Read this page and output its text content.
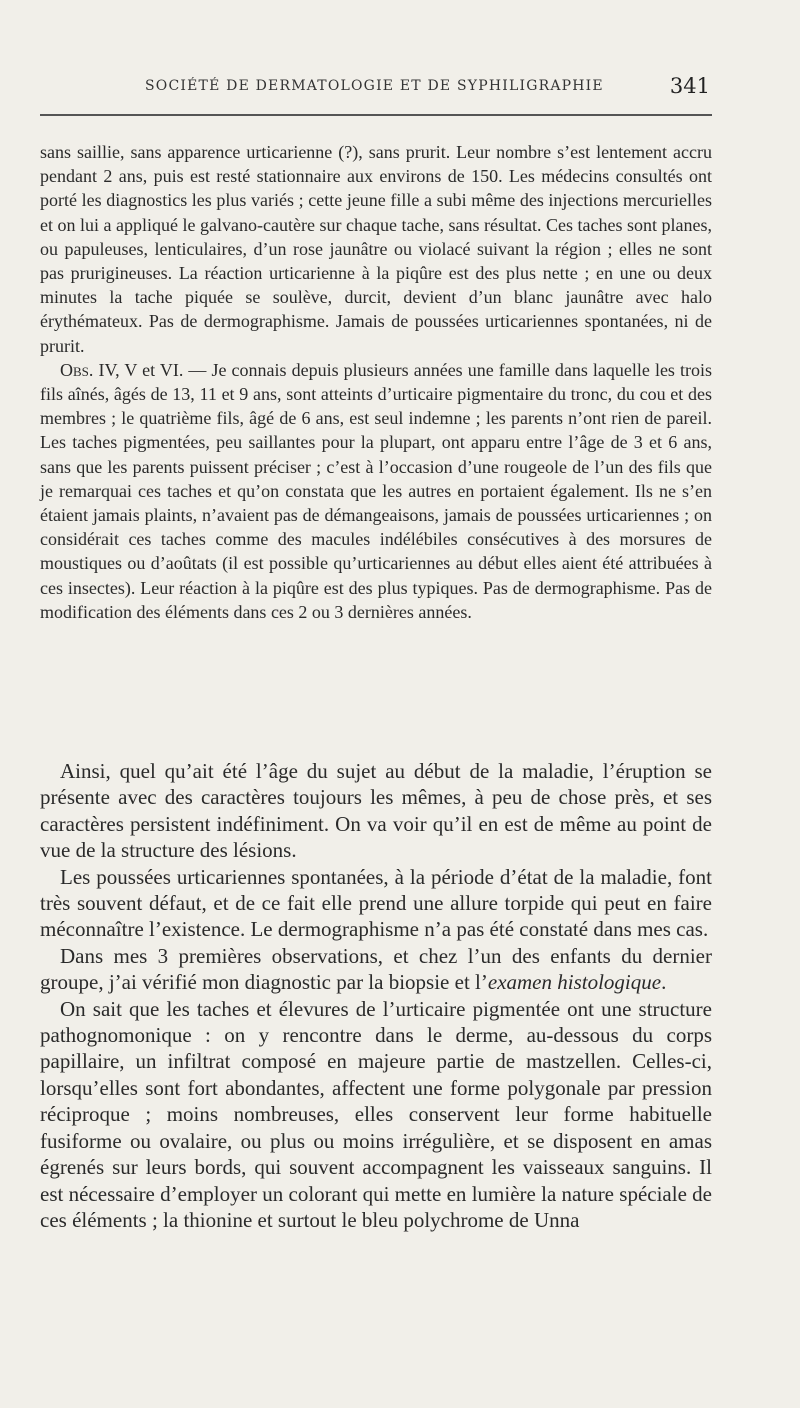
SOCIÉTÉ DE DERMATOLOGIE ET DE SYPHILIGRAPHIE	341

sans saillie, sans apparence urticarienne (?), sans prurit. Leur nombre s’est lentement accru pendant 2 ans, puis est resté stationnaire aux environs de 150. Les médecins consultés ont porté les diagnostics les plus variés ; cette jeune fille a subi même des injections mercurielles et on lui a appliqué le galvano-cautère sur chaque tache, sans résultat. Ces taches sont planes, ou papuleuses, lenticulaires, d’un rose jaunâtre ou violacé suivant la région ; elles ne sont pas prurigineuses. La réaction urticarienne à la piqûre est des plus nette ; en une ou deux minutes la tache piquée se soulève, durcit, devient d’un blanc jaunâtre avec halo érythémateux. Pas de dermographisme. Jamais de poussées urticariennes spontanées, ni de prurit.

Obs. IV, V et VI. — Je connais depuis plusieurs années une famille dans laquelle les trois fils aînés, âgés de 13, 11 et 9 ans, sont atteints d’urticaire pigmentaire du tronc, du cou et des membres ; le quatrième fils, âgé de 6 ans, est seul indemne ; les parents n’ont rien de pareil. Les taches pigmentées, peu saillantes pour la plupart, ont apparu entre l’âge de 3 et 6 ans, sans que les parents puissent préciser ; c’est à l’occasion d’une rougeole de l’un des fils que je remarquai ces taches et qu’on constata que les autres en portaient également. Ils ne s’en étaient jamais plaints, n’avaient pas de démangeaisons, jamais de poussées urticariennes ; on considérait ces taches comme des macules indélébiles consécutives à des morsures de moustiques ou d’aoûtats (il est possible qu’urticariennes au début elles aient été attribuées à ces insectes). Leur réaction à la piqûre est des plus typiques. Pas de dermographisme. Pas de modification des éléments dans ces 2 ou 3 dernières années.

Ainsi, quel qu’ait été l’âge du sujet au début de la maladie, l’éruption se présente avec des caractères toujours les mêmes, à peu de chose près, et ses caractères persistent indéfiniment. On va voir qu’il en est de même au point de vue de la structure des lésions.

Les poussées urticariennes spontanées, à la période d’état de la maladie, font très souvent défaut, et de ce fait elle prend une allure torpide qui peut en faire méconnaître l’existence. Le dermographisme n’a pas été constaté dans mes cas.

Dans mes 3 premières observations, et chez l’un des enfants du dernier groupe, j’ai vérifié mon diagnostic par la biopsie et l’examen histologique.

On sait que les taches et élevures de l’urticaire pigmentée ont une structure pathognomonique : on y rencontre dans le derme, au-dessous du corps papillaire, un infiltrat composé en majeure partie de mastzellen. Celles-ci, lorsqu’elles sont fort abondantes, affectent une forme polygonale par pression réciproque ; moins nombreuses, elles conservent leur forme habituelle fusiforme ou ovalaire, ou plus ou moins irrégulière, et se disposent en amas égrenés sur leurs bords, qui souvent accompagnent les vaisseaux sanguins. Il est nécessaire d’employer un colorant qui mette en lumière la nature spéciale de ces éléments ; la thionine et surtout le bleu polychrome de Unna
